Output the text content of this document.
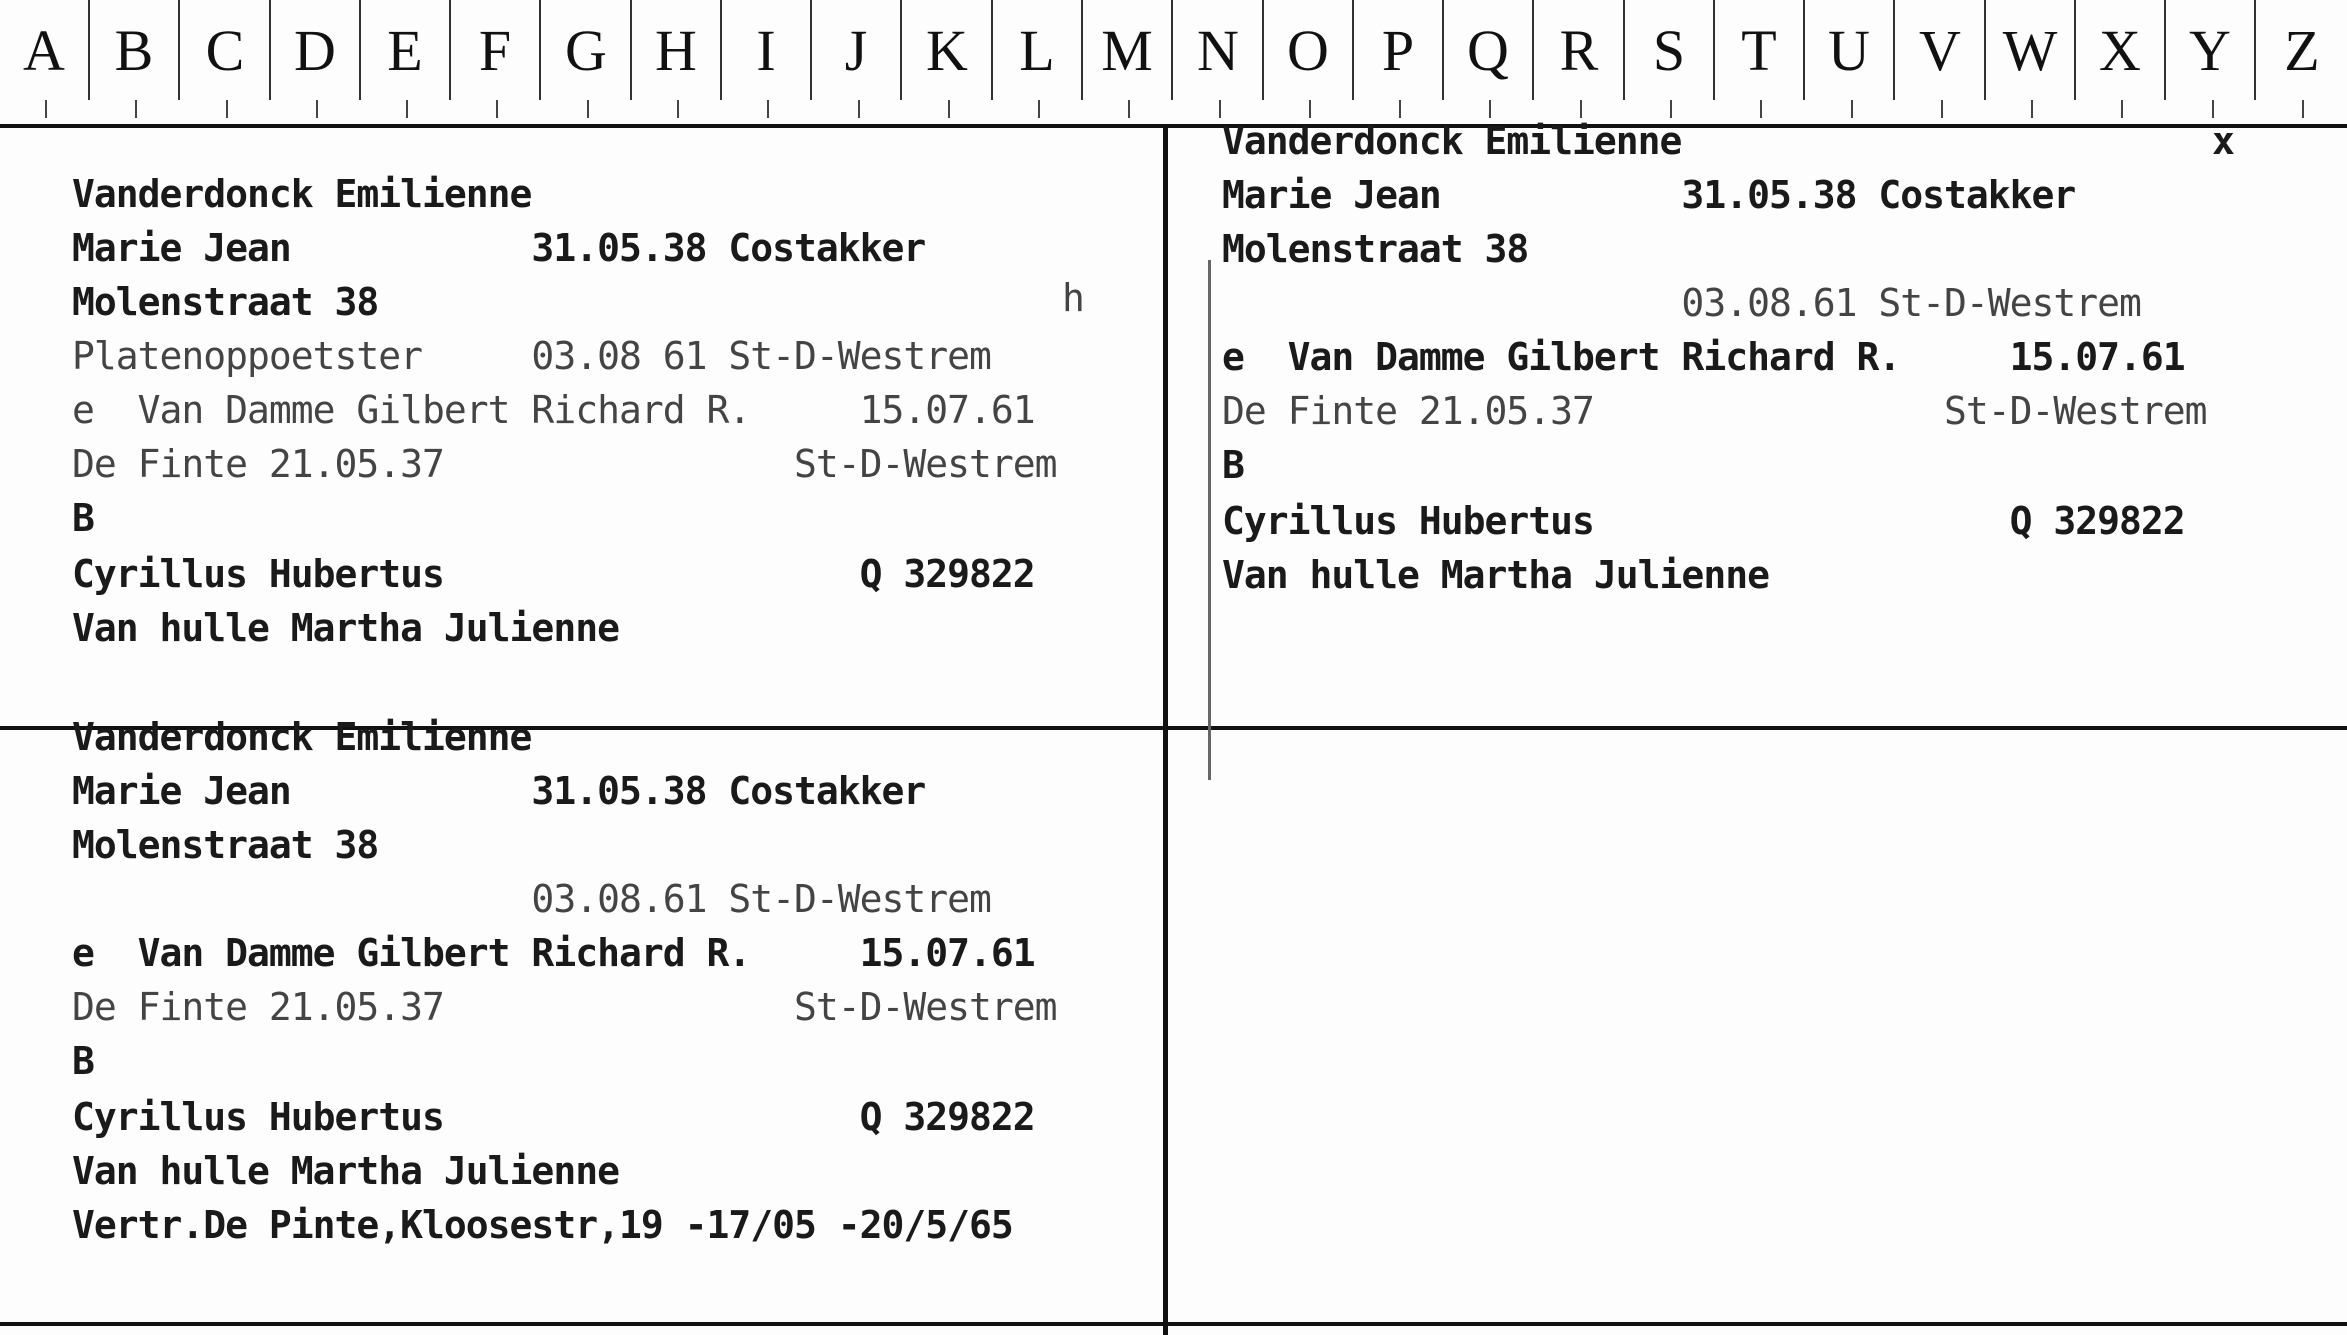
A B C D E F G H	I	J	K L M N O P Q R S T U V W X Y Z
Vanderdonck Emilienne
Marie Jean           31.05.38 Costakker
Molenstraat 38
Platenoppoetster     03.08 61 St-D-Westrem
e  Van Damme Gilbert Richard R.     15.07.61
De Finte 21.05.37                St-D-Westrem
B
Cyrillus Hubertus                   Q 329822
Van hulle Martha Julienne
h
Vanderdonck Emilienne
Marie Jean           31.05.38 Costakker
Molenstraat 38
03.08.61 St-D-Westrem
e  Van Damme Gilbert Richard R.     15.07.61
De Finte 21.05.37                St-D-Westrem
B
Cyrillus Hubertus                   Q 329822
Van hulle Martha Julienne
x
Vanderdonck Emilienne
Marie Jean           31.05.38 Costakker
Molenstraat 38
03.08.61 St-D-Westrem
e  Van Damme Gilbert Richard R.     15.07.61
De Finte 21.05.37                St-D-Westrem
B
Cyrillus Hubertus                   Q 329822
Van hulle Martha Julienne
Vertr.De Pinte,Kloosestr,19 -17/05 -20/5/65
